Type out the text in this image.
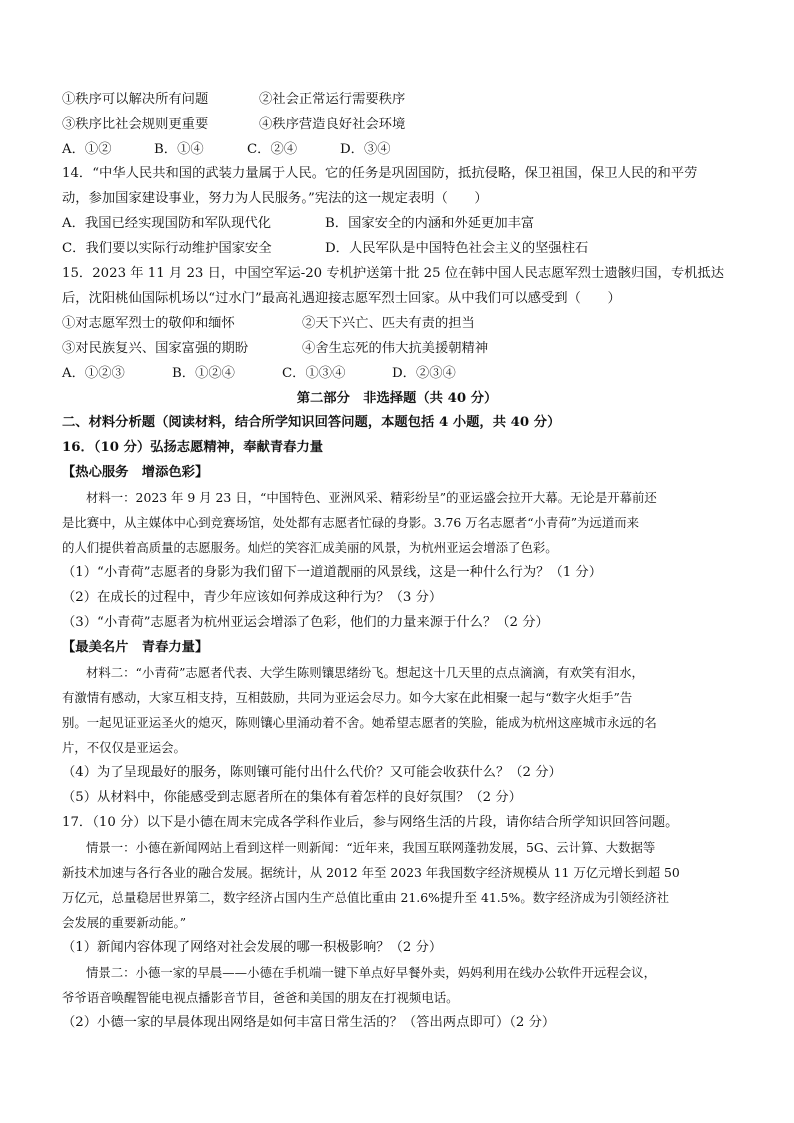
①秩序可以解决所有问题	②社会正常运行需要秩序
③秩序比社会规则更重要	④秩序营造良好社会环境
A．①②	B．①④	C．②④	D．③④
14．“中华人民共和国的武装力量属于人民。它的任务是巩固国防，抵抗侵略，保卫祖国，保卫人民的和平劳
动，参加国家建设事业，努力为人民服务。”宪法的这一规定表明（　　）
A．我国已经实现国防和军队现代化	B．国家安全的内涵和外延更加丰富
C．我们要以实际行动维护国家安全	D．人民军队是中国特色社会主义的坚强柱石
15．2023 年 11 月 23 日，中国空军运-20 专机护送第十批 25 位在韩中国人民志愿军烈士遗骸归国，专机抵达
后，沈阳桃仙国际机场以“过水门”最高礼遇迎接志愿军烈士回家。从中我们可以感受到（　　）
①对志愿军烈士的敬仰和缅怀	②天下兴亡、匹夫有责的担当
③对民族复兴、国家富强的期盼	④舍生忘死的伟大抗美援朝精神
A．①②③	B．①②④	C．①③④	D．②③④
第二部分　非选择题（共 40 分）
二、材料分析题（阅读材料，结合所学知识回答问题，本题包括 4 小题，共 40 分）
16．（10 分）弘扬志愿精神，奉献青春力量
【热心服务　增添色彩】
材料一：2023 年 9 月 23 日，“中国特色、亚洲风采、精彩纷呈”的亚运盛会拉开大幕。无论是开幕前还
是比赛中，从主媒体中心到竞赛场馆，处处都有志愿者忙碌的身影。3.76 万名志愿者“小青荷”为远道而来
的人们提供着高质量的志愿服务。灿烂的笑容汇成美丽的风景，为杭州亚运会增添了色彩。
（1）“小青荷”志愿者的身影为我们留下一道道靓丽的风景线，这是一种什么行为？（1 分）
（2）在成长的过程中，青少年应该如何养成这种行为？（3 分）
（3）“小青荷”志愿者为杭州亚运会增添了色彩，他们的力量来源于什么？（2 分）
【最美名片　青春力量】
材料二：“小青荷”志愿者代表、大学生陈则镶思绪纷飞。想起这十几天里的点点滴滴，有欢笑有泪水，
有激情有感动，大家互相支持，互相鼓励，共同为亚运会尽力。如今大家在此相聚一起与“数字火炬手”告
别。一起见证亚运圣火的熄灭，陈则镶心里涌动着不舍。她希望志愿者的笑脸，能成为杭州这座城市永远的名
片，不仅仅是亚运会。
（4）为了呈现最好的服务，陈则镶可能付出什么代价？又可能会收获什么？（2 分）
（5）从材料中，你能感受到志愿者所在的集体有着怎样的良好氛围？（2 分）
17．（10 分）以下是小德在周末完成各学科作业后，参与网络生活的片段，请你结合所学知识回答问题。
情景一：小德在新闻网站上看到这样一则新闻：“近年来，我国互联网蓬勃发展，5G、云计算、大数据等
新技术加速与各行各业的融合发展。据统计，从 2012 年至 2023 年我国数字经济规模从 11 万亿元增长到超 50
万亿元，总量稳居世界第二，数字经济占国内生产总值比重由 21.6%提升至 41.5%。数字经济成为引领经济社
会发展的重要新动能。”
（1）新闻内容体现了网络对社会发展的哪一积极影响？（2 分）
情景二：小德一家的早晨——小德在手机端一键下单点好早餐外卖，妈妈利用在线办公软件开远程会议，
爷爷语音唤醒智能电视点播影音节目，爸爸和美国的朋友在打视频电话。
（2）小德一家的早晨体现出网络是如何丰富日常生活的？（答出两点即可）（2 分）
